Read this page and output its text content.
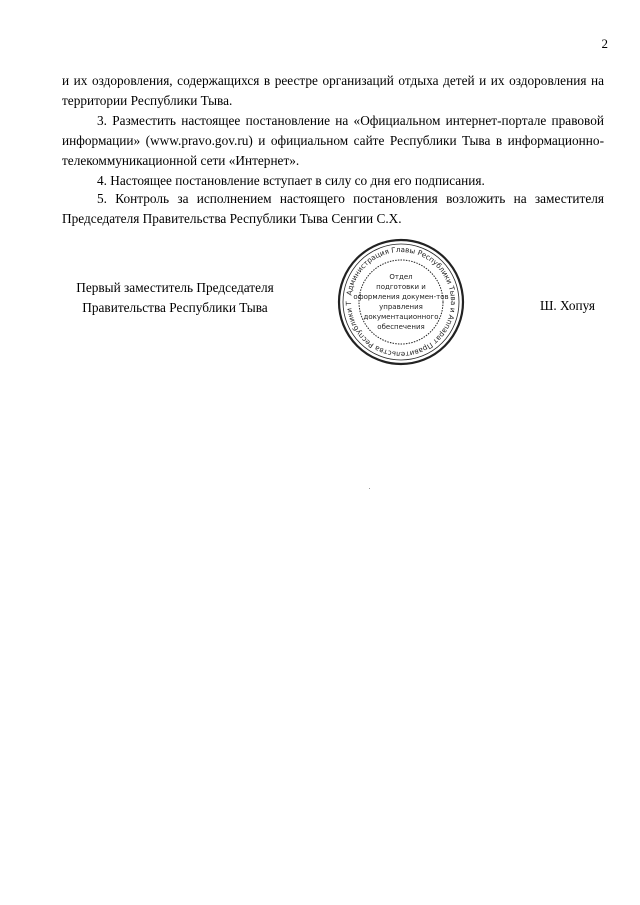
2

и их оздоровления, содержащихся в реестре организаций отдыха детей и их оздоровления на территории Республики Тыва.

3. Разместить настоящее постановление на «Официальном интернет-портале правовой информации» (www.pravo.gov.ru) и официальном сайте Республики Тыва в информационно-телекоммуникационной сети «Интернет».

4. Настоящее постановление вступает в силу со дня его подписания.

5. Контроль за исполнением настоящего постановления возложить на заместителя Председателя Правительства Республики Тыва Сенгии С.Х.

Первый заместитель Председателя
Правительства Республики Тыва
Администрация Главы Республики Тыва и Аппарат Правительства Республики Т
Отдел
подготовки и
оформления докумен-тов
управления
документационного
обеспечения
Ш. Хопуя
